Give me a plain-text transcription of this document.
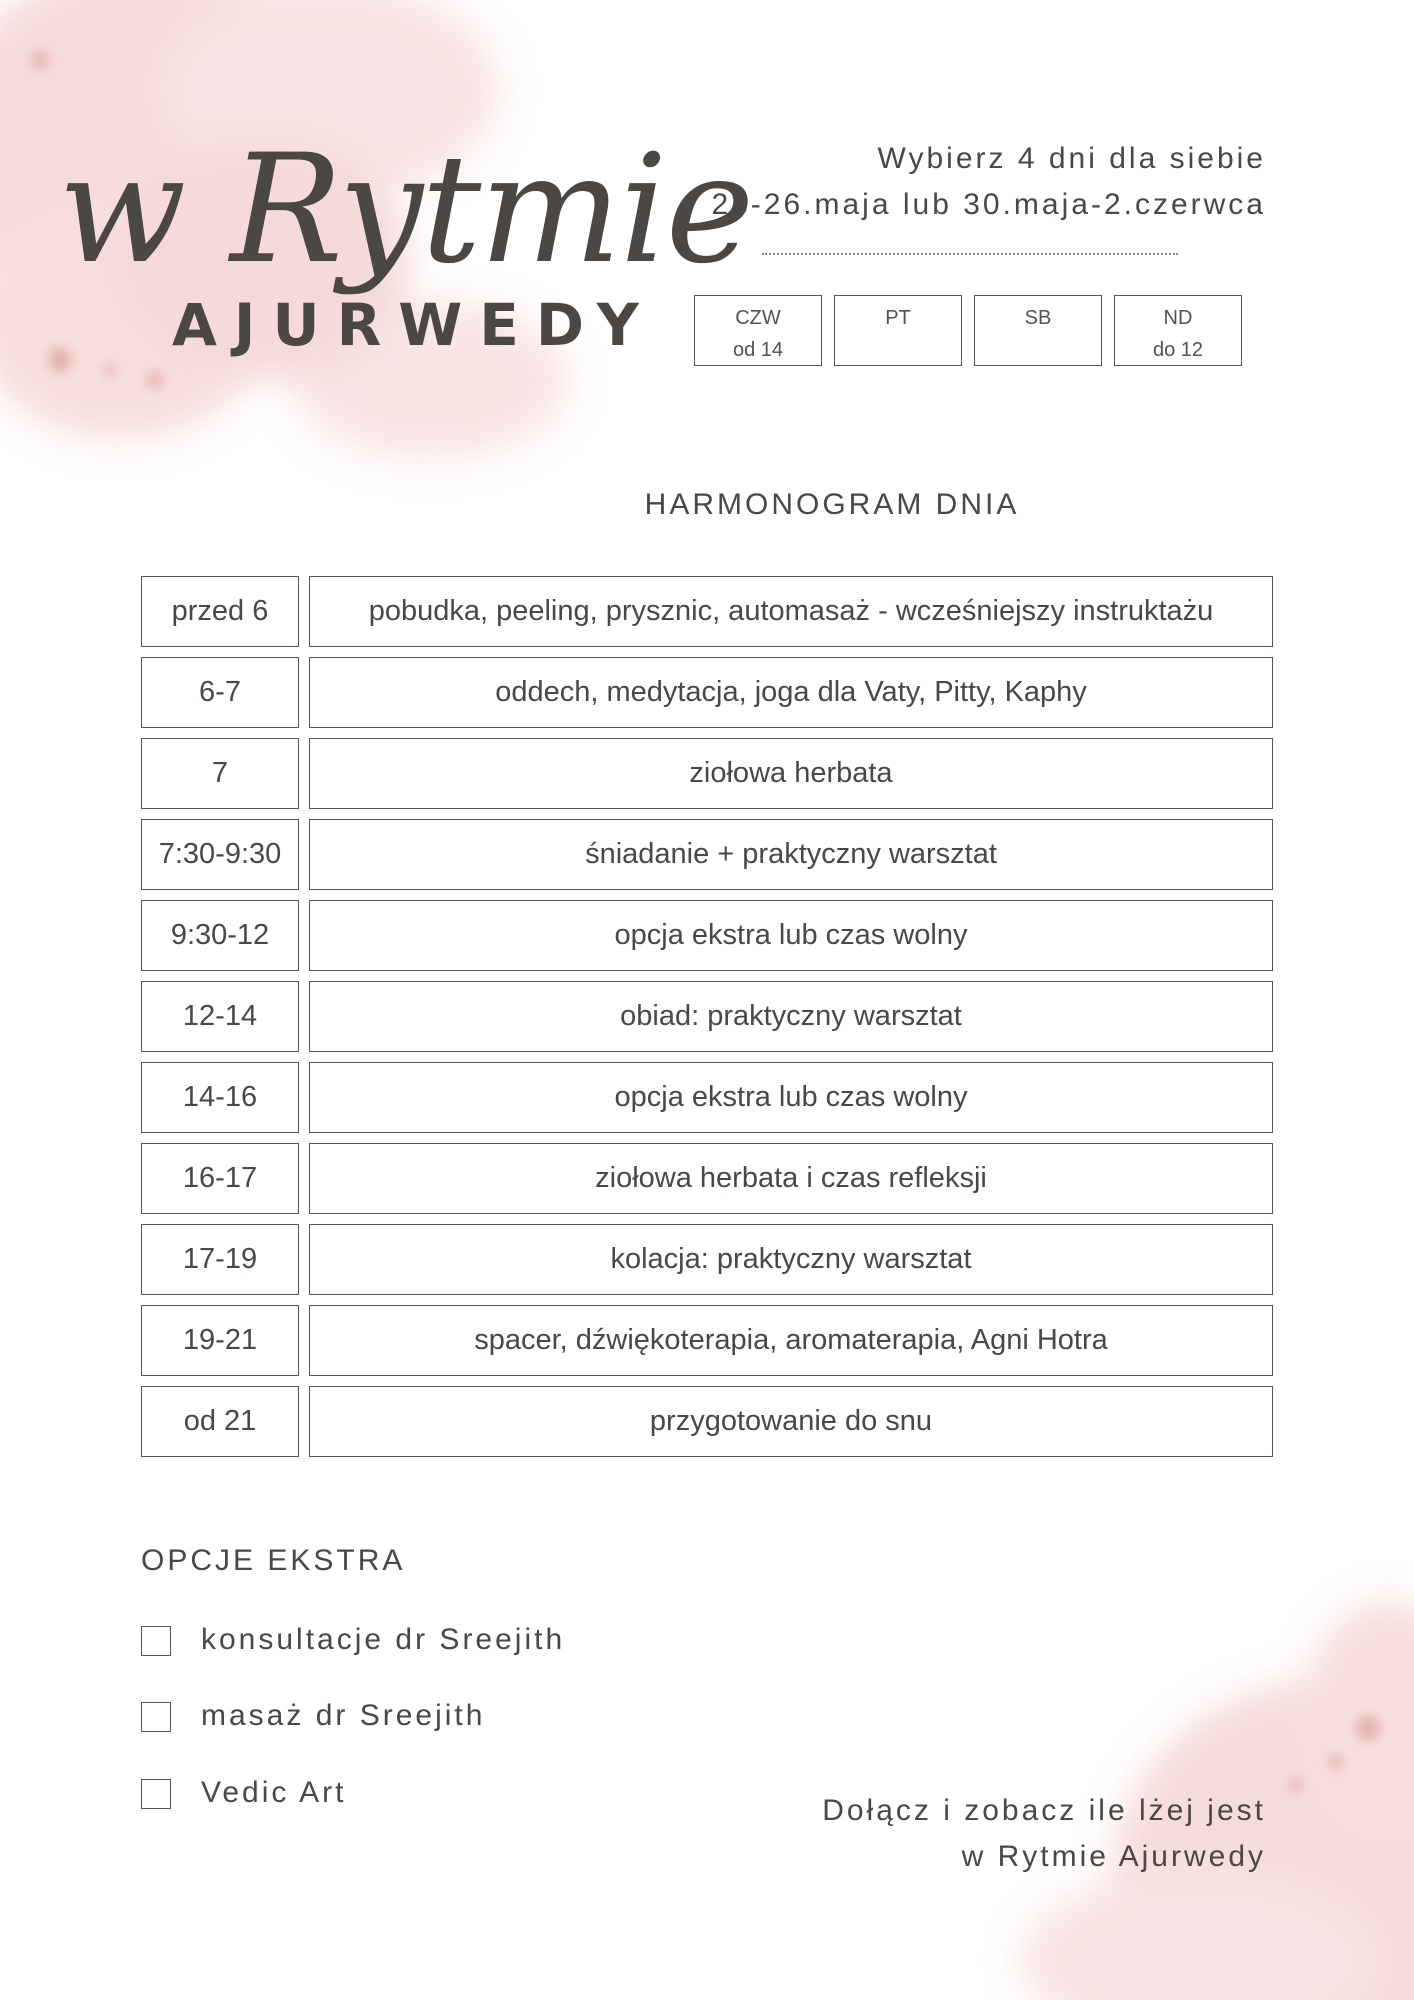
w Rytmie
AJURWEDY
Wybierz 4 dni dla siebie
23-26.maja lub 30.maja-2.czerwca
CZW
od 14
PT	SB	ND
do 12
HARMONOGRAM DNIA
przed 6	pobudka, peeling, prysznic, automasaż - wcześniejszy instruktażu
6-7	oddech, medytacja, joga dla Vaty, Pitty, Kaphy
7	ziołowa herbata
7:30-9:30	śniadanie + praktyczny warsztat
9:30-12	opcja ekstra lub czas wolny
12-14	obiad: praktyczny warsztat
14-16	opcja ekstra lub czas wolny
16-17	ziołowa herbata i czas refleksji
17-19	kolacja: praktyczny warsztat
19-21	spacer, dźwiękoterapia, aromaterapia, Agni Hotra
od 21	przygotowanie do snu
OPCJE EKSTRA
konsultacje dr Sreejith
masaż dr Sreejith
Vedic Art
Dołącz i zobacz ile lżej jest
w Rytmie Ajurwedy
